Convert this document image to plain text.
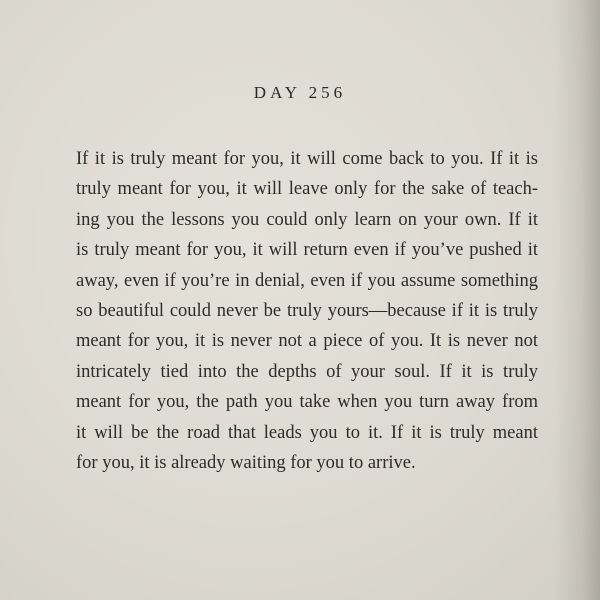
DAY 256
If it is truly meant for you, it will come back to you. If it is
truly meant for you, it will leave only for the sake of teach-
ing you the lessons you could only learn on your own. If it
is truly meant for you, it will return even if you’ve pushed it
away, even if you’re in denial, even if you assume something
so beautiful could never be truly yours—because if it is truly
meant for you, it is never not a piece of you. It is never not
intricately tied into the depths of your soul. If it is truly
meant for you, the path you take when you turn away from
it will be the road that leads you to it. If it is truly meant
for you, it is already waiting for you to arrive.
